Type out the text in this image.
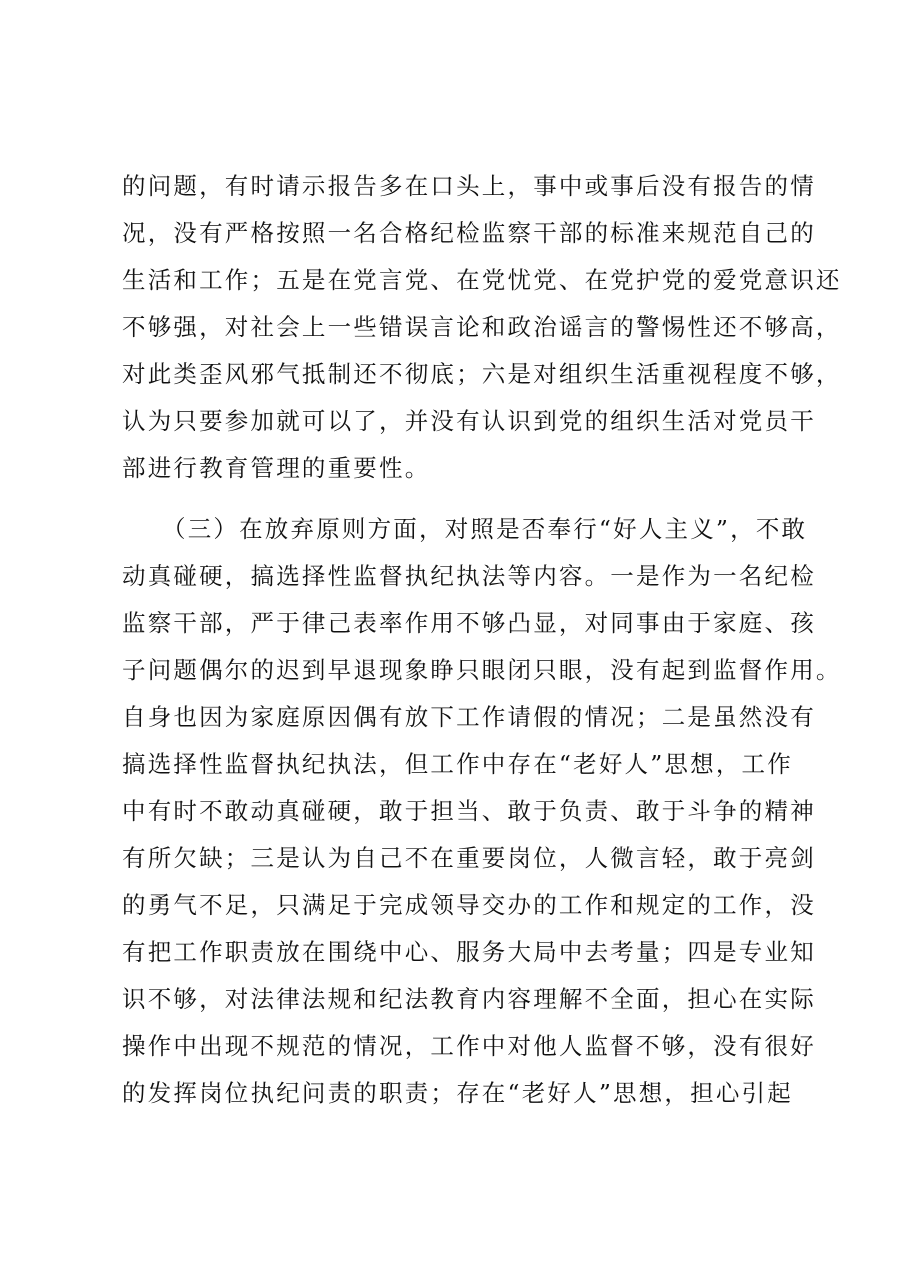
的问题，有时请示报告多在口头上，事中或事后没有报告的情
况，没有严格按照一名合格纪检监察干部的标准来规范自己的
生活和工作；五是在党言党、在党忧党、在党护党的爱党意识还
不够强，对社会上一些错误言论和政治谣言的警惕性还不够高，
对此类歪风邪气抵制还不彻底；六是对组织生活重视程度不够，
认为只要参加就可以了，并没有认识到党的组织生活对党员干
部进行教育管理的重要性。
（三）在放弃原则方面，对照是否奉行“好人主义”，不敢
动真碰硬，搞选择性监督执纪执法等内容。一是作为一名纪检
监察干部，严于律己表率作用不够凸显，对同事由于家庭、孩
子问题偶尔的迟到早退现象睁只眼闭只眼，没有起到监督作用。
自身也因为家庭原因偶有放下工作请假的情况；二是虽然没有
搞选择性监督执纪执法，但工作中存在“老好人”思想，工作
中有时不敢动真碰硬，敢于担当、敢于负责、敢于斗争的精神
有所欠缺；三是认为自己不在重要岗位，人微言轻，敢于亮剑
的勇气不足，只满足于完成领导交办的工作和规定的工作，没
有把工作职责放在围绕中心、服务大局中去考量；四是专业知
识不够，对法律法规和纪法教育内容理解不全面，担心在实际
操作中出现不规范的情况，工作中对他人监督不够，没有很好
的发挥岗位执纪问责的职责；存在“老好人”思想，担心引起
